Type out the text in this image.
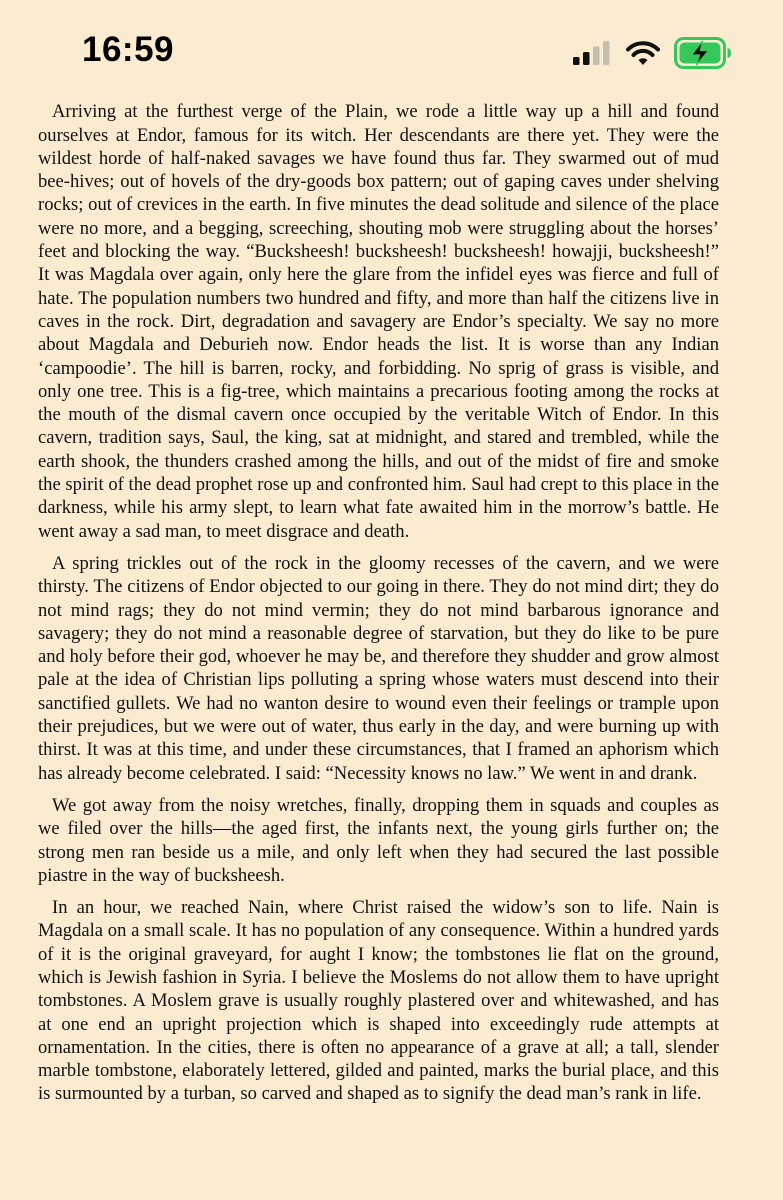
16:59

Arriving at the furthest verge of the Plain, we rode a little way up a hill and found ourselves at Endor, famous for its witch. Her descendants are there yet. They were the wildest horde of half-naked savages we have found thus far. They swarmed out of mud bee-hives; out of hovels of the dry-goods box pattern; out of gaping caves under shelving rocks; out of crevices in the earth. In five minutes the dead solitude and silence of the place were no more, and a begging, screeching, shouting mob were struggling about the horses’ feet and blocking the way. “Bucksheesh! bucksheesh! bucksheesh! howajji, bucksheesh!” It was Magdala over again, only here the glare from the infidel eyes was fierce and full of hate. The population numbers two hundred and fifty, and more than half the citizens live in caves in the rock. Dirt, degradation and savagery are Endor’s specialty. We say no more about Magdala and Deburieh now. Endor heads the list. It is worse than any Indian ‘campoodie’. The hill is barren, rocky, and forbidding. No sprig of grass is visible, and only one tree. This is a fig-tree, which maintains a precarious footing among the rocks at the mouth of the dismal cavern once occupied by the veritable Witch of Endor. In this cavern, tradition says, Saul, the king, sat at midnight, and stared and trembled, while the earth shook, the thunders crashed among the hills, and out of the midst of fire and smoke the spirit of the dead prophet rose up and confronted him. Saul had crept to this place in the darkness, while his army slept, to learn what fate awaited him in the morrow’s battle. He went away a sad man, to meet disgrace and death.

A spring trickles out of the rock in the gloomy recesses of the cavern, and we were thirsty. The citizens of Endor objected to our going in there. They do not mind dirt; they do not mind rags; they do not mind vermin; they do not mind barbarous ignorance and savagery; they do not mind a reasonable degree of starvation, but they do like to be pure and holy before their god, whoever he may be, and therefore they shudder and grow almost pale at the idea of Christian lips polluting a spring whose waters must descend into their sanctified gullets. We had no wanton desire to wound even their feelings or trample upon their prejudices, but we were out of water, thus early in the day, and were burning up with thirst. It was at this time, and under these circumstances, that I framed an aphorism which has already become celebrated. I said: “Necessity knows no law.” We went in and drank.

We got away from the noisy wretches, finally, dropping them in squads and couples as we filed over the hills—the aged first, the infants next, the young girls further on; the strong men ran beside us a mile, and only left when they had secured the last possible piastre in the way of bucksheesh.

In an hour, we reached Nain, where Christ raised the widow’s son to life. Nain is Magdala on a small scale. It has no population of any consequence. Within a hundred yards of it is the original graveyard, for aught I know; the tombstones lie flat on the ground, which is Jewish fashion in Syria. I believe the Moslems do not allow them to have upright tombstones. A Moslem grave is usually roughly plastered over and whitewashed, and has at one end an upright projection which is shaped into exceedingly rude attempts at ornamentation. In the cities, there is often no appearance of a grave at all; a tall, slender marble tombstone, elaborately lettered, gilded and painted, marks the burial place, and this is surmounted by a turban, so carved and shaped as to signify the dead man’s rank in life.
